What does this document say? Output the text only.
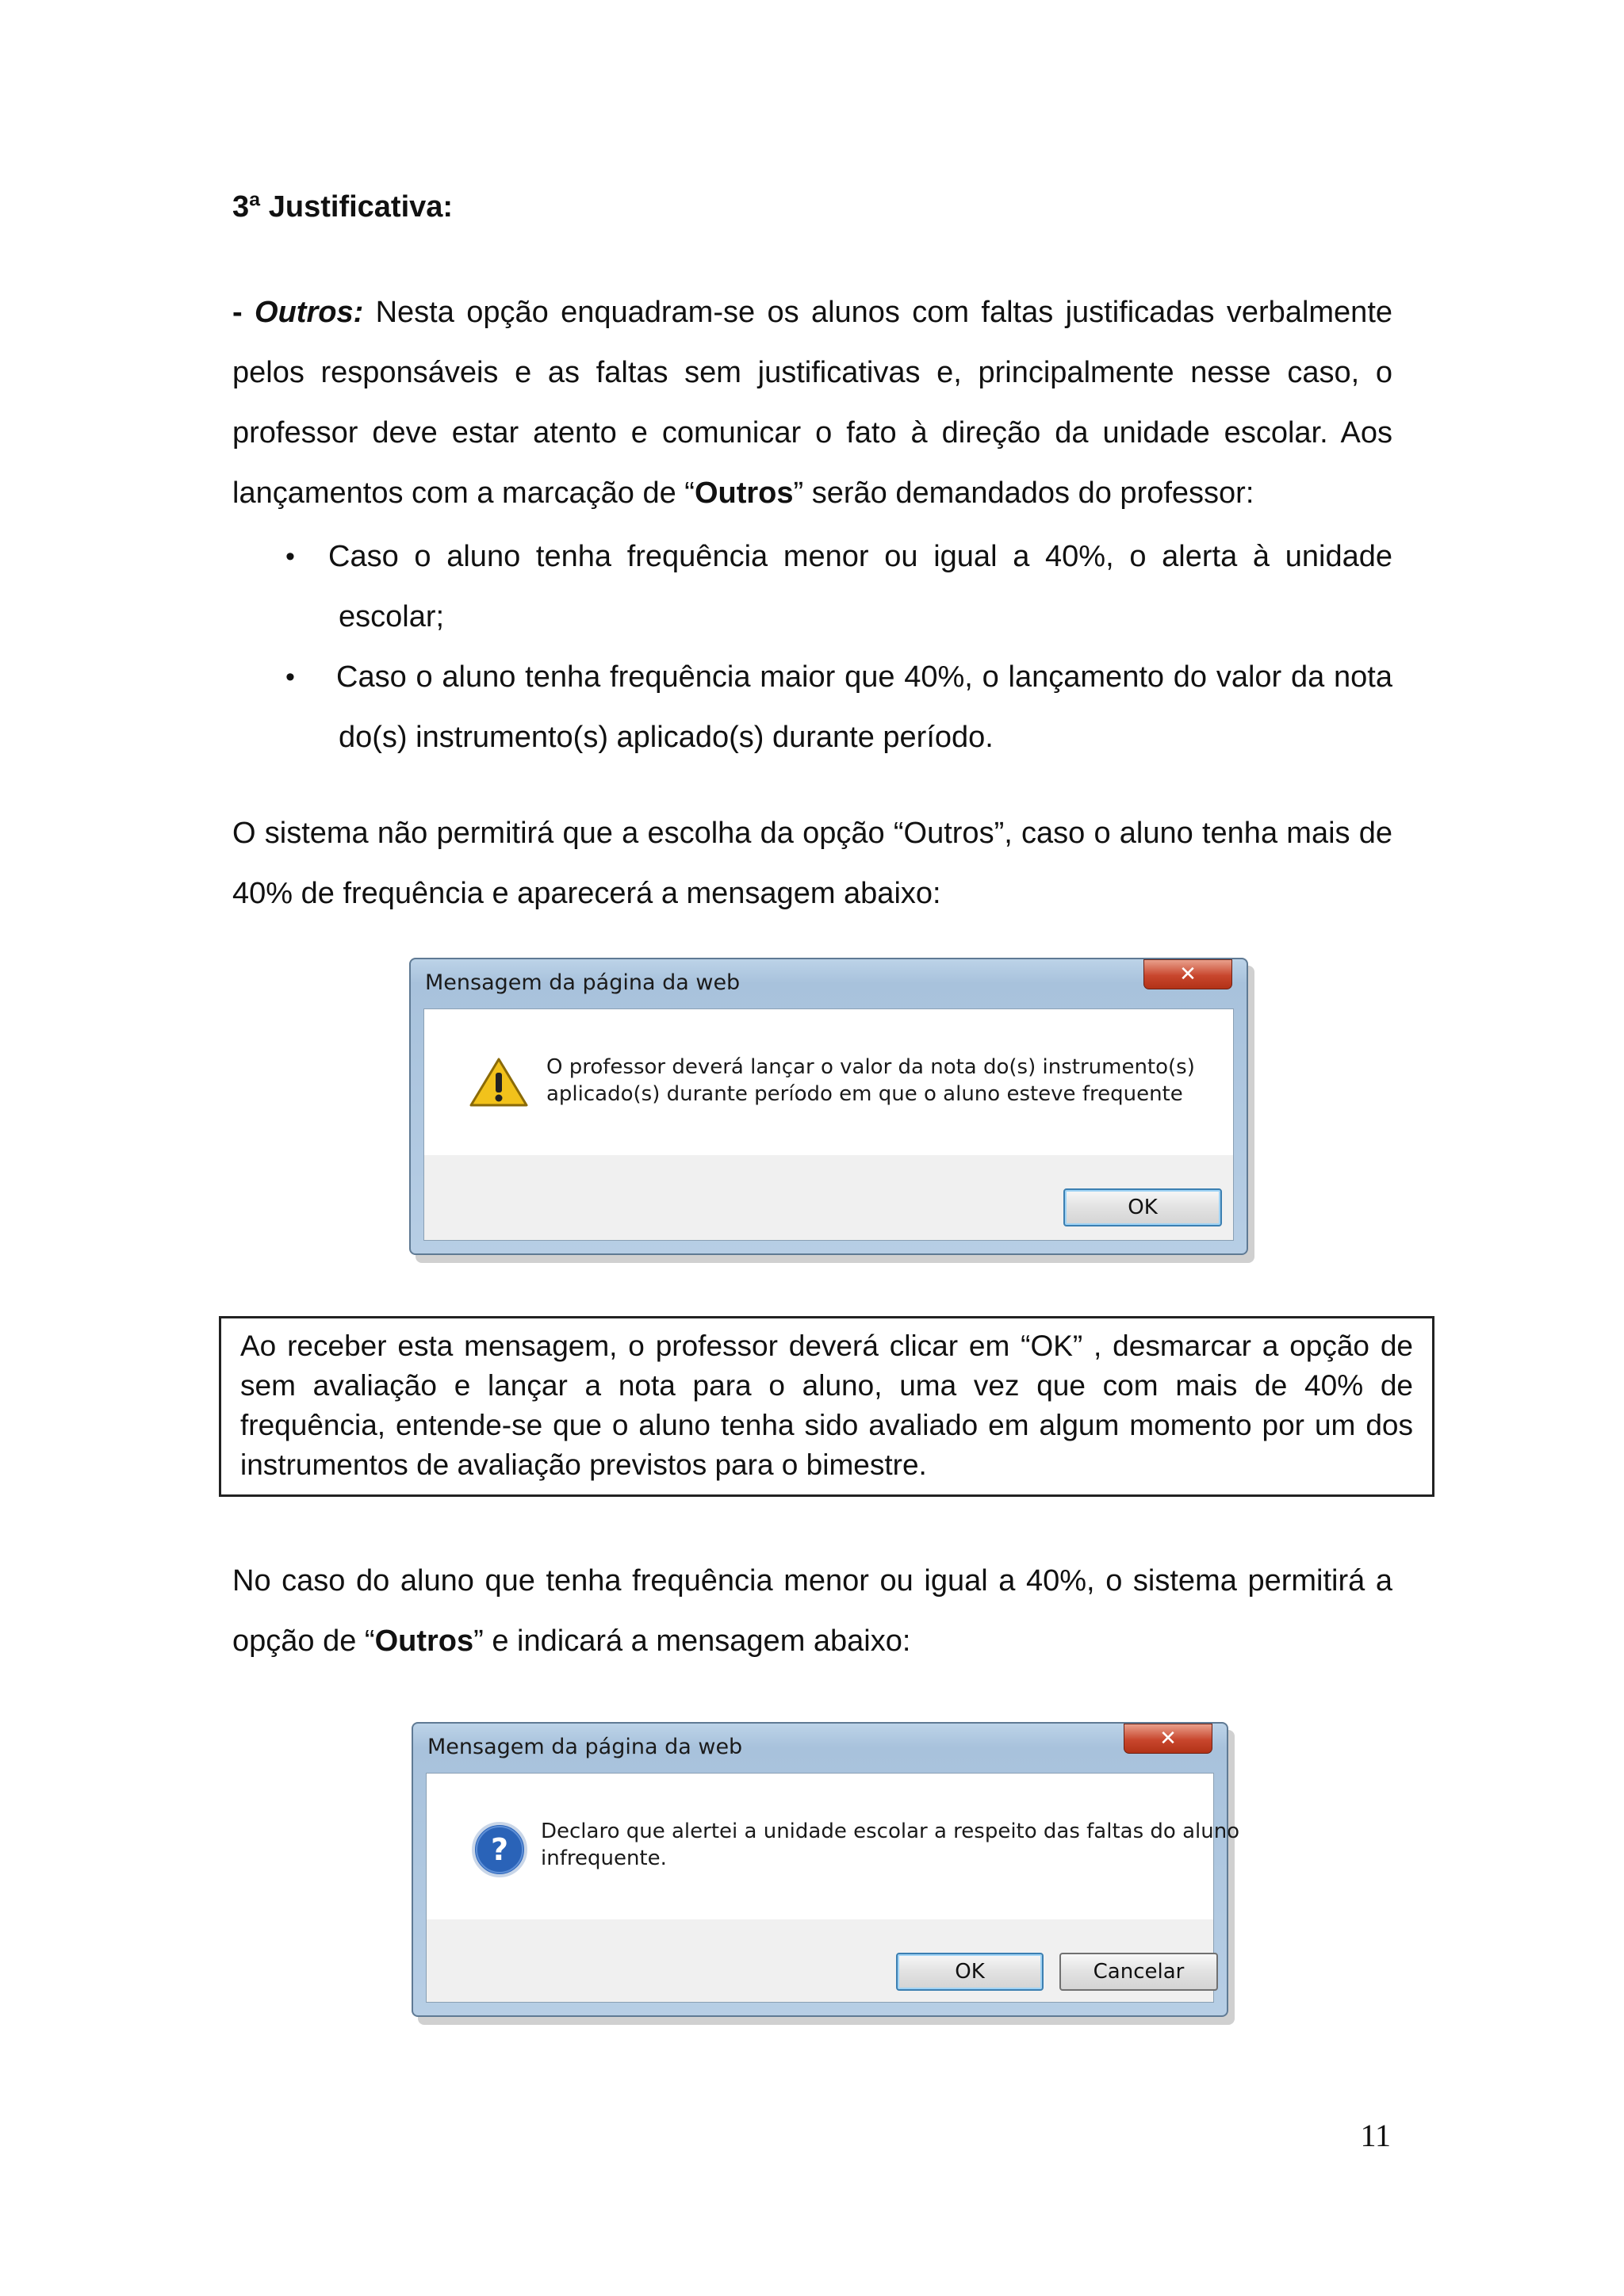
3ª Justificativa:
- Outros: Nesta opção enquadram-se os alunos com faltas justificadas verbalmente
pelos responsáveis e as faltas sem justificativas e, principalmente nesse caso, o
professor deve estar atento e comunicar o fato à direção da unidade escolar. Aos
lançamentos com a marcação de “Outros” serão demandados do professor:
• Caso o aluno tenha frequência menor ou igual a 40%, o alerta à unidade
escolar;
• Caso o aluno tenha frequência maior que 40%, o lançamento do valor da nota
do(s) instrumento(s) aplicado(s) durante período.
O sistema não permitirá que a escolha da opção “Outros”, caso o aluno tenha mais de
40% de frequência e aparecerá a mensagem abaixo:
Mensagem da página da web	✕
O professor deverá lançar o valor da nota do(s) instrumento(s)
aplicado(s) durante período em que o aluno esteve frequente
OK
Ao receber esta mensagem, o professor deverá clicar em “OK” , desmarcar a opção de
sem avaliação e lançar a nota para o aluno, uma vez que com mais de 40% de
frequência, entende-se que o aluno tenha sido avaliado em algum momento por um dos
instrumentos de avaliação previstos para o bimestre.
No caso do aluno que tenha frequência menor ou igual a 40%, o sistema permitirá a
opção de “Outros” e indicará a mensagem abaixo:
Mensagem da página da web	✕
?
Declaro que alertei a unidade escolar a respeito das faltas do aluno
infrequente.
OK	Cancelar
11
